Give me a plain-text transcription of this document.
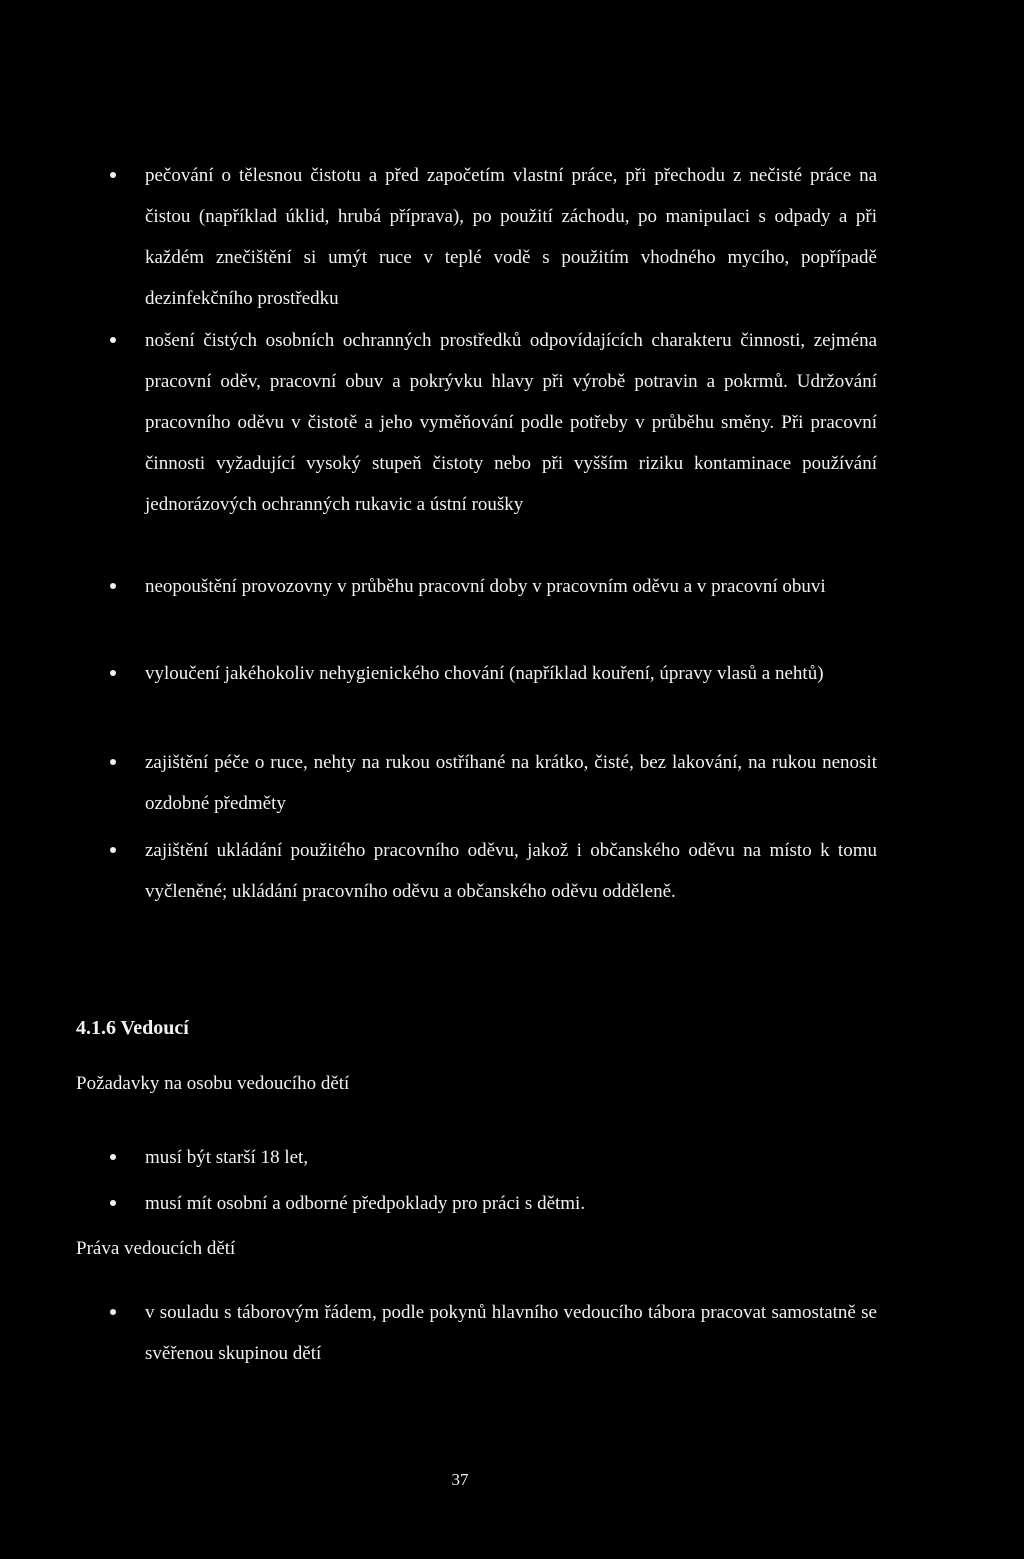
pečování o tělesnou čistotu a před započetím vlastní práce, při přechodu z nečisté práce na čistou (například úklid, hrubá příprava), po použití záchodu, po manipulaci s odpady a při každém znečištění si umýt ruce v teplé vodě s použitím vhodného mycího, popřípadě dezinfekčního prostředku
nošení čistých osobních ochranných prostředků odpovídajících charakteru činnosti, zejména pracovní oděv, pracovní obuv a pokrývku hlavy při výrobě potravin a pokrmů. Udržování pracovního oděvu v čistotě a jeho vyměňování podle potřeby v průběhu směny. Při pracovní činnosti vyžadující vysoký stupeň čistoty nebo při vyšším riziku kontaminace používání jednorázových ochranných rukavic a ústní roušky
neopouštění provozovny v průběhu pracovní doby v pracovním oděvu a v pracovní obuvi
vyloučení jakéhokoliv nehygienického chování (například kouření, úpravy vlasů a nehtů)
zajištění péče o ruce, nehty na rukou ostříhané na krátko, čisté, bez lakování, na rukou nenosit ozdobné předměty
zajištění ukládání použitého pracovního oděvu, jakož i občanského oděvu na místo k tomu vyčleněné; ukládání pracovního oděvu a občanského oděvu odděleně.
4.1.6 Vedoucí
Požadavky na osobu vedoucího dětí
musí být starší 18 let,
musí mít osobní a odborné předpoklady pro práci s dětmi.
Práva vedoucích dětí
v souladu s táborovým řádem, podle pokynů hlavního vedoucího tábora pracovat samostatně se svěřenou skupinou dětí
37
